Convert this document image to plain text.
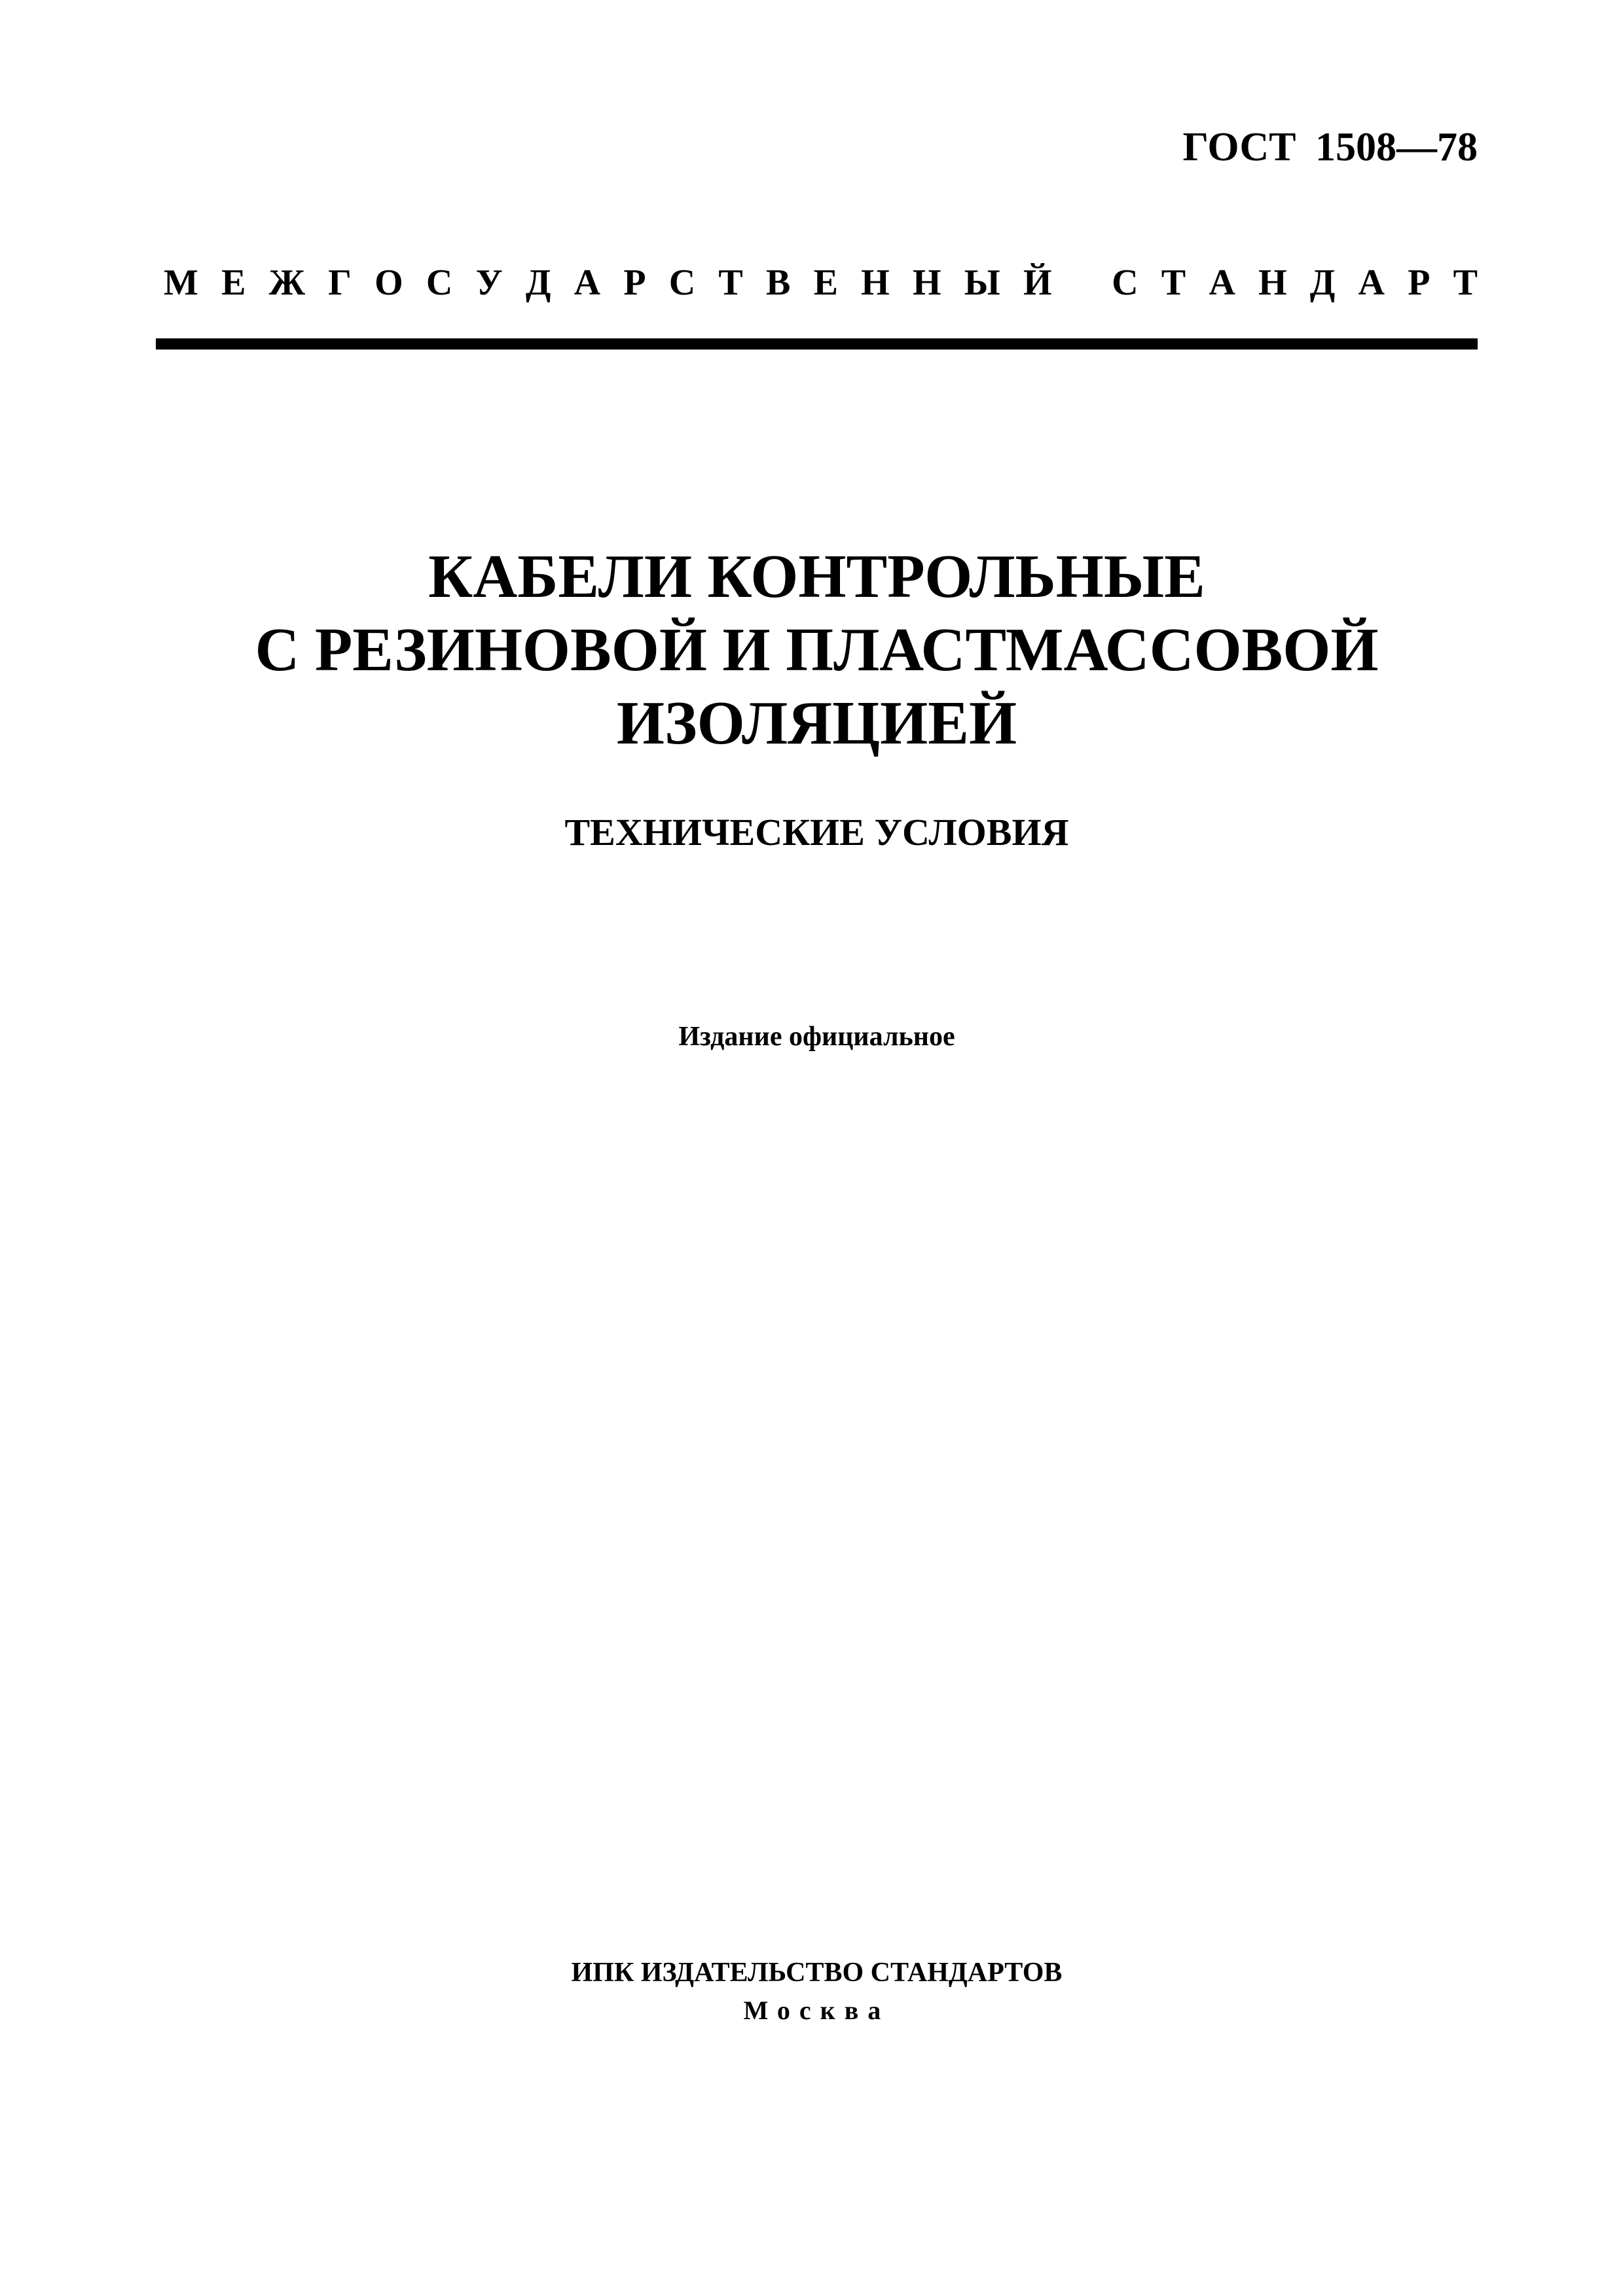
ГОСТ 1508—78
М Е Ж Г О С У Д А Р С Т В Е Н Н Ы Й С Т А Н Д А Р Т
КАБЕЛИ КОНТРОЛЬНЫЕ
С РЕЗИНОВОЙ И ПЛАСТМАССОВОЙ
ИЗОЛЯЦИЕЙ
ТЕХНИЧЕСКИЕ УСЛОВИЯ
Издание официальное
ИПК ИЗДАТЕЛЬСТВО СТАНДАРТОВ
Москва
